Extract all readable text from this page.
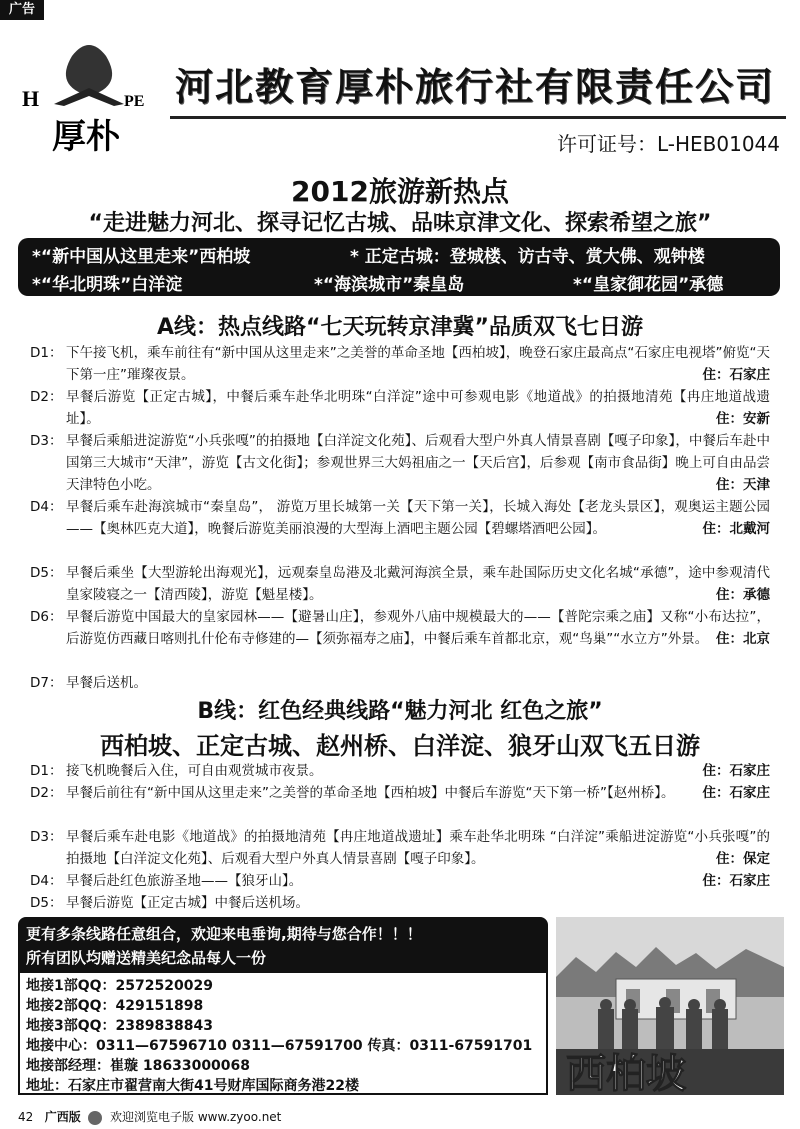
广告
H	PE
厚朴
河北教育厚朴旅行社有限责任公司
许可证号：L-HEB01044
2012旅游新热点
“走进魅力河北、探寻记忆古城、品味京津文化、探索希望之旅”
*“新中国从这里走来”西柏坡	* 正定古城：登城楼、访古寺、赏大佛、观钟楼
*“华北明珠”白洋淀	*“海滨城市”秦皇岛	*“皇家御花园”承德
A线：热点线路“七天玩转京津冀”品质双飞七日游
D1： 下午接飞机，乘车前往有“新中国从这里走来”之美誉的革命圣地【西柏坡】，晚登石家庄最高点“石家庄电视塔”俯览“天下第一庄”璀璨夜景。	住：石家庄
D2： 早餐后游览【正定古城】，中餐后乘车赴华北明珠“白洋淀”途中可参观电影《地道战》的拍摄地清苑【冉庄地道战遗址】。	住：安新
D3： 早餐后乘船进淀游览“小兵张嘎”的拍摄地【白洋淀文化苑】、后观看大型户外真人情景喜剧【嘎子印象】，中餐后车赴中国第三大城市“天津”，游览【古文化街】；参观世界三大妈祖庙之一【天后宫】，后参观【南市食品街】晚上可自由品尝天津特色小吃。	住：天津
D4： 早餐后乘车赴海滨城市“秦皇岛”， 游览万里长城第一关【天下第一关】，长城入海处【老龙头景区】，观奥运主题公园——【奥林匹克大道】，晚餐后游览美丽浪漫的大型海上酒吧主题公园【碧螺塔酒吧公园】。	住：北戴河
D5： 早餐后乘坐【大型游轮出海观光】，远观秦皇岛港及北戴河海滨全景，乘车赴国际历史文化名城“承德”，途中参观清代皇家陵寝之一【清西陵】，游览【魁星楼】。	住：承德
D6： 早餐后游览中国最大的皇家园林——【避暑山庄】，参观外八庙中规模最大的——【普陀宗乘之庙】又称“小布达拉”， 后游览仿西藏日喀则扎什伦布寺修建的—【须弥福寿之庙】，中餐后乘车首都北京，观“鸟巢”“水立方”外景。 住：北京
D7： 早餐后送机。
B线：红色经典线路“魅力河北 红色之旅”
西柏坡、正定古城、赵州桥、白洋淀、狼牙山双飞五日游
D1： 接飞机晚餐后入住，可自由观赏城市夜景。	住：石家庄
D2： 早餐后前往有“新中国从这里走来”之美誉的革命圣地【西柏坡】中餐后车游览“天下第一桥”【赵州桥】。	住：石家庄
D3： 早餐后乘车赴电影《地道战》的拍摄地清苑【冉庄地道战遗址】乘车赴华北明珠 “白洋淀”乘船进淀游览“小兵张嘎”的拍摄地【白洋淀文化苑】、后观看大型户外真人情景喜剧【嘎子印象】。	住：保定
D4： 早餐后赴红色旅游圣地——【狼牙山】。	住：石家庄
D5： 早餐后游览【正定古城】中餐后送机场。
更有多条线路任意组合，欢迎来电垂询,期待与您合作！！！
所有团队均赠送精美纪念品每人一份
地接1部QQ：2572520029
地接2部QQ：429151898
地接3部QQ：2389838843
地接中心：0311—67596710 0311—67591700 传真：0311-67591701
地接部经理：崔璇 18633000068
地址：石家庄市翟营南大街41号财库国际商务港22楼	西柏坡
42 广西版 欢迎浏览电子版 www.zyoo.net
